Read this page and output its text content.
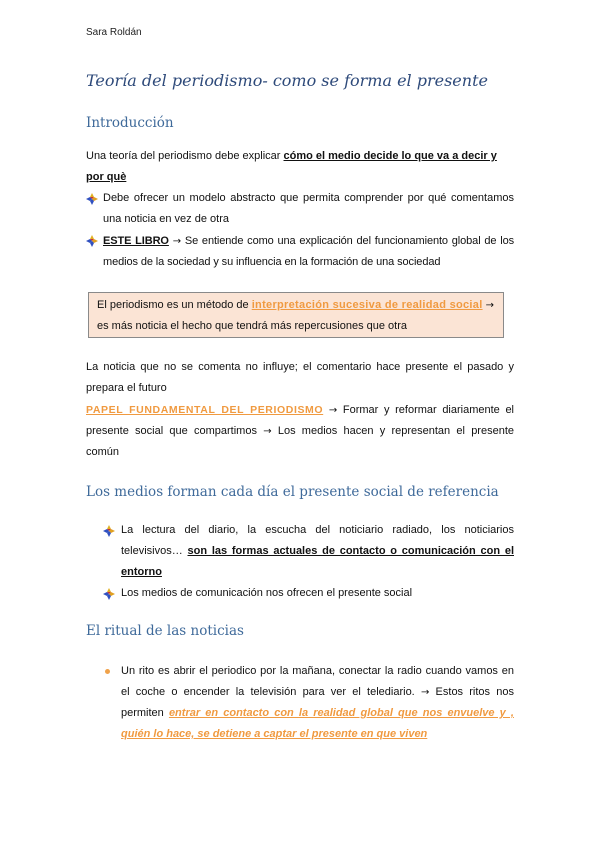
Sara Roldán
Teoría del periodismo- como se forma el presente
Introducción
Una teoría del periodismo debe explicar cómo el medio decide lo que va a decir y por què
Debe ofrecer un modelo abstracto que permita comprender por qué comentamos una noticia en vez de otra
ESTE LIBRO → Se entiende como una explicación del funcionamiento global de los medios de la sociedad y su influencia en la formación de una sociedad
El periodismo es un método de interpretación sucesiva de realidad social →
es más noticia el hecho que tendrá más repercusiones que otra
La noticia que no se comenta no influye; el comentario hace presente el pasado y prepara el futuro
PAPEL FUNDAMENTAL DEL PERIODISMO → Formar y reformar diariamente el presente social que compartimos → Los medios hacen y representan el presente común
Los medios forman cada día el presente social de referencia
La lectura del diario, la escucha del noticiario radiado, los noticiarios televisivos… son las formas actuales de contacto o comunicación con el entorno
Los medios de comunicación nos ofrecen el presente social
El ritual de las noticias
Un rito es abrir el periodico por la mañana, conectar la radio cuando vamos en el coche o encender la televisión para ver el telediario. → Estos ritos nos permiten entrar en contacto con la realidad global que nos envuelve y , quién lo hace, se detiene a captar el presente en que viven
